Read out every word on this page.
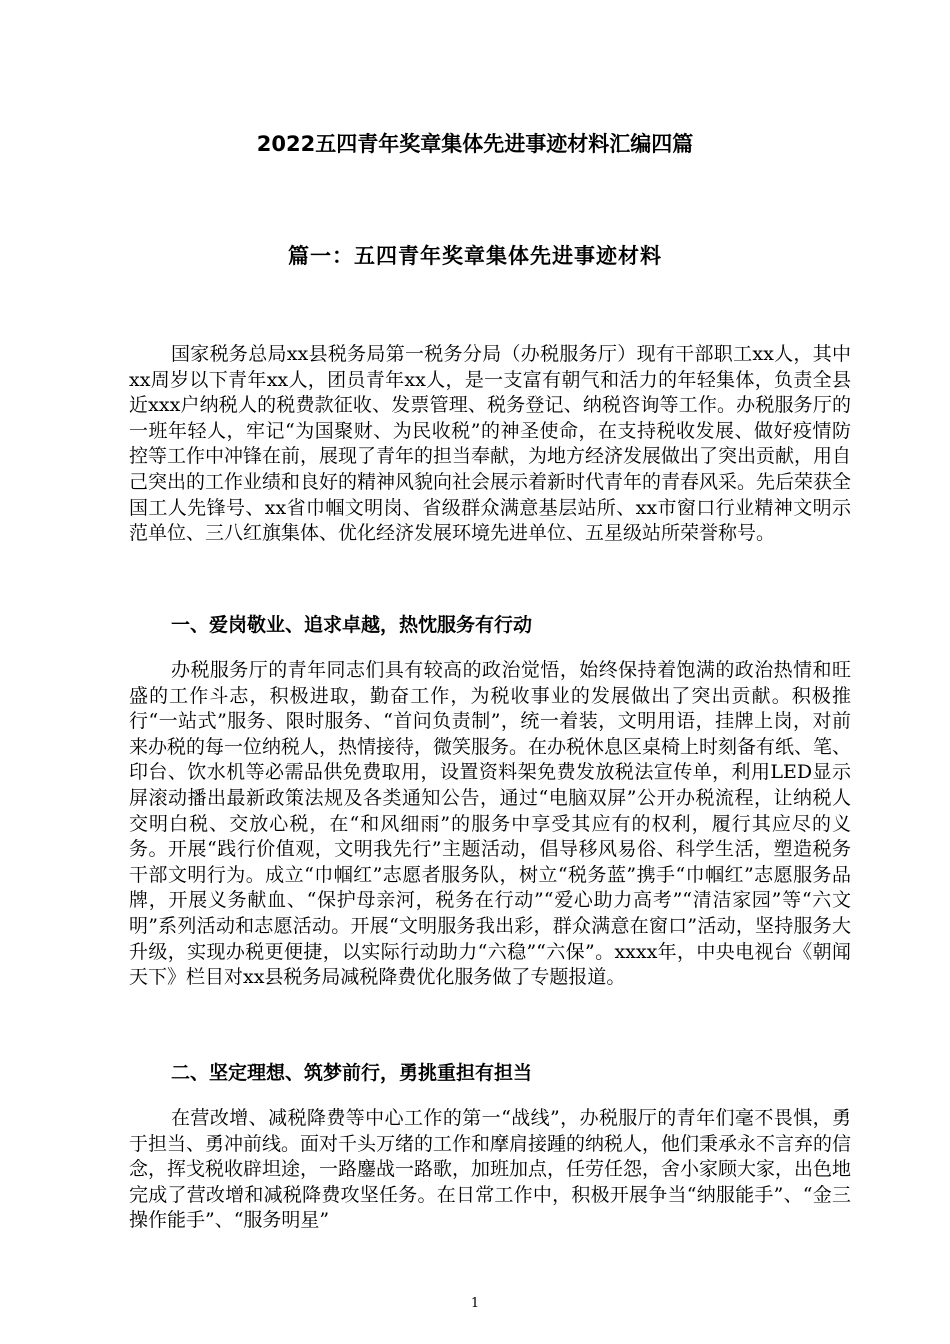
2022五四青年奖章集体先进事迹材料汇编四篇
篇一：五四青年奖章集体先进事迹材料

国家税务总局xx县税务局第一税务分局（办税服务厅）现有干部职工xx人，其中xx周岁以下青年xx人，团员青年xx人，是一支富有朝气和活力的年轻集体，负责全县近xxx户纳税人的税费款征收、发票管理、税务登记、纳税咨询等工作。办税服务厅的一班年轻人，牢记“为国聚财、为民收税”的神圣使命，在支持税收发展、做好疫情防控等工作中冲锋在前，展现了青年的担当奉献，为地方经济发展做出了突出贡献，用自己突出的工作业绩和良好的精神风貌向社会展示着新时代青年的青春风采。先后荣获全国工人先锋号、xx省巾帼文明岗、省级群众满意基层站所、xx市窗口行业精神文明示范单位、三八红旗集体、优化经济发展环境先进单位、五星级站所荣誉称号。

一、爱岗敬业、追求卓越，热忱服务有行动

办税服务厅的青年同志们具有较高的政治觉悟，始终保持着饱满的政治热情和旺盛的工作斗志，积极进取，勤奋工作，为税收事业的发展做出了突出贡献。积极推行“一站式”服务、限时服务、“首问负责制”，统一着装，文明用语，挂牌上岗，对前来办税的每一位纳税人，热情接待，微笑服务。在办税休息区桌椅上时刻备有纸、笔、印台、饮水机等必需品供免费取用，设置资料架免费发放税法宣传单，利用LED显示屏滚动播出最新政策法规及各类通知公告，通过“电脑双屏”公开办税流程，让纳税人交明白税、交放心税，在“和风细雨”的服务中享受其应有的权利，履行其应尽的义务。开展“践行价值观，文明我先行”主题活动，倡导移风易俗、科学生活，塑造税务干部文明行为。成立“巾帼红”志愿者服务队，树立“税务蓝”携手“巾帼红”志愿服务品牌，开展义务献血、“保护母亲河，税务在行动”“爱心助力高考”“清洁家园”等“六文明”系列活动和志愿活动。开展“文明服务我出彩，群众满意在窗口”活动，坚持服务大升级，实现办税更便捷，以实际行动助力“六稳”“六保”。xxxx年，中央电视台《朝闻天下》栏目对xx县税务局减税降费优化服务做了专题报道。

二、坚定理想、筑梦前行，勇挑重担有担当

在营改增、减税降费等中心工作的第一“战线”，办税服厅的青年们毫不畏惧，勇于担当、勇冲前线。面对千头万绪的工作和摩肩接踵的纳税人，他们秉承永不言弃的信念，挥戈税收辟坦途，一路鏖战一路歌，加班加点，任劳任怨，舍小家顾大家，出色地完成了营改增和减税降费攻坚任务。在日常工作中，积极开展争当“纳服能手”、“金三操作能手”、“服务明星”

1
